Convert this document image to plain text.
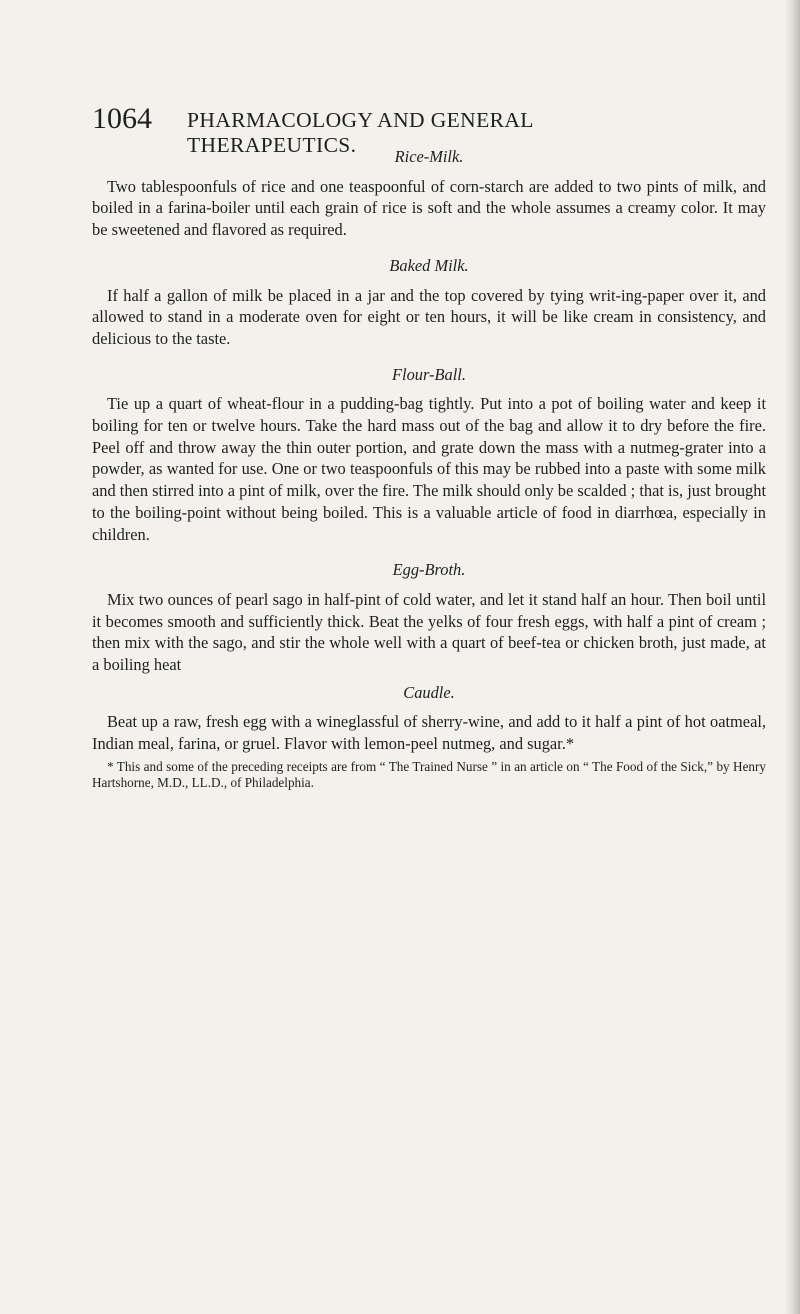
1064 PHARMACOLOGY AND GENERAL THERAPEUTICS.	Rice-Milk.

Two tablespoonfuls of rice and one teaspoonful of corn-starch are added to two pints of milk, and boiled in a farina-boiler until each grain of rice is soft and the whole assumes a creamy color. It may be sweetened and flavored as required.

Baked Milk.

If half a gallon of milk be placed in a jar and the top covered by tying writ-ing-paper over it, and allowed to stand in a moderate oven for eight or ten hours, it will be like cream in consistency, and delicious to the taste.

Flour-Ball.

Tie up a quart of wheat-flour in a pudding-bag tightly. Put into a pot of boiling water and keep it boiling for ten or twelve hours. Take the hard mass out of the bag and allow it to dry before the fire. Peel off and throw away the thin outer portion, and grate down the mass with a nutmeg-grater into a powder, as wanted for use. One or two teaspoonfuls of this may be rubbed into a paste with some milk and then stirred into a pint of milk, over the fire. The milk should only be scalded ; that is, just brought to the boiling-point without being boiled. This is a valuable article of food in diarrhœa, especially in children.

Egg-Broth.

Mix two ounces of pearl sago in half-pint of cold water, and let it stand half an hour. Then boil until it becomes smooth and sufficiently thick. Beat the yelks of four fresh eggs, with half a pint of cream ; then mix with the sago, and stir the whole well with a quart of beef-tea or chicken broth, just made, at a boiling heat

Caudle.

Beat up a raw, fresh egg with a wineglassful of sherry-wine, and add to it half a pint of hot oatmeal, Indian meal, farina, or gruel. Flavor with lemon-peel nutmeg, and sugar.*

* This and some of the preceding receipts are from “ The Trained Nurse ” in an article on “ The Food of the Sick,” by Henry Hartshorne, M.D., LL.D., of Philadelphia.
